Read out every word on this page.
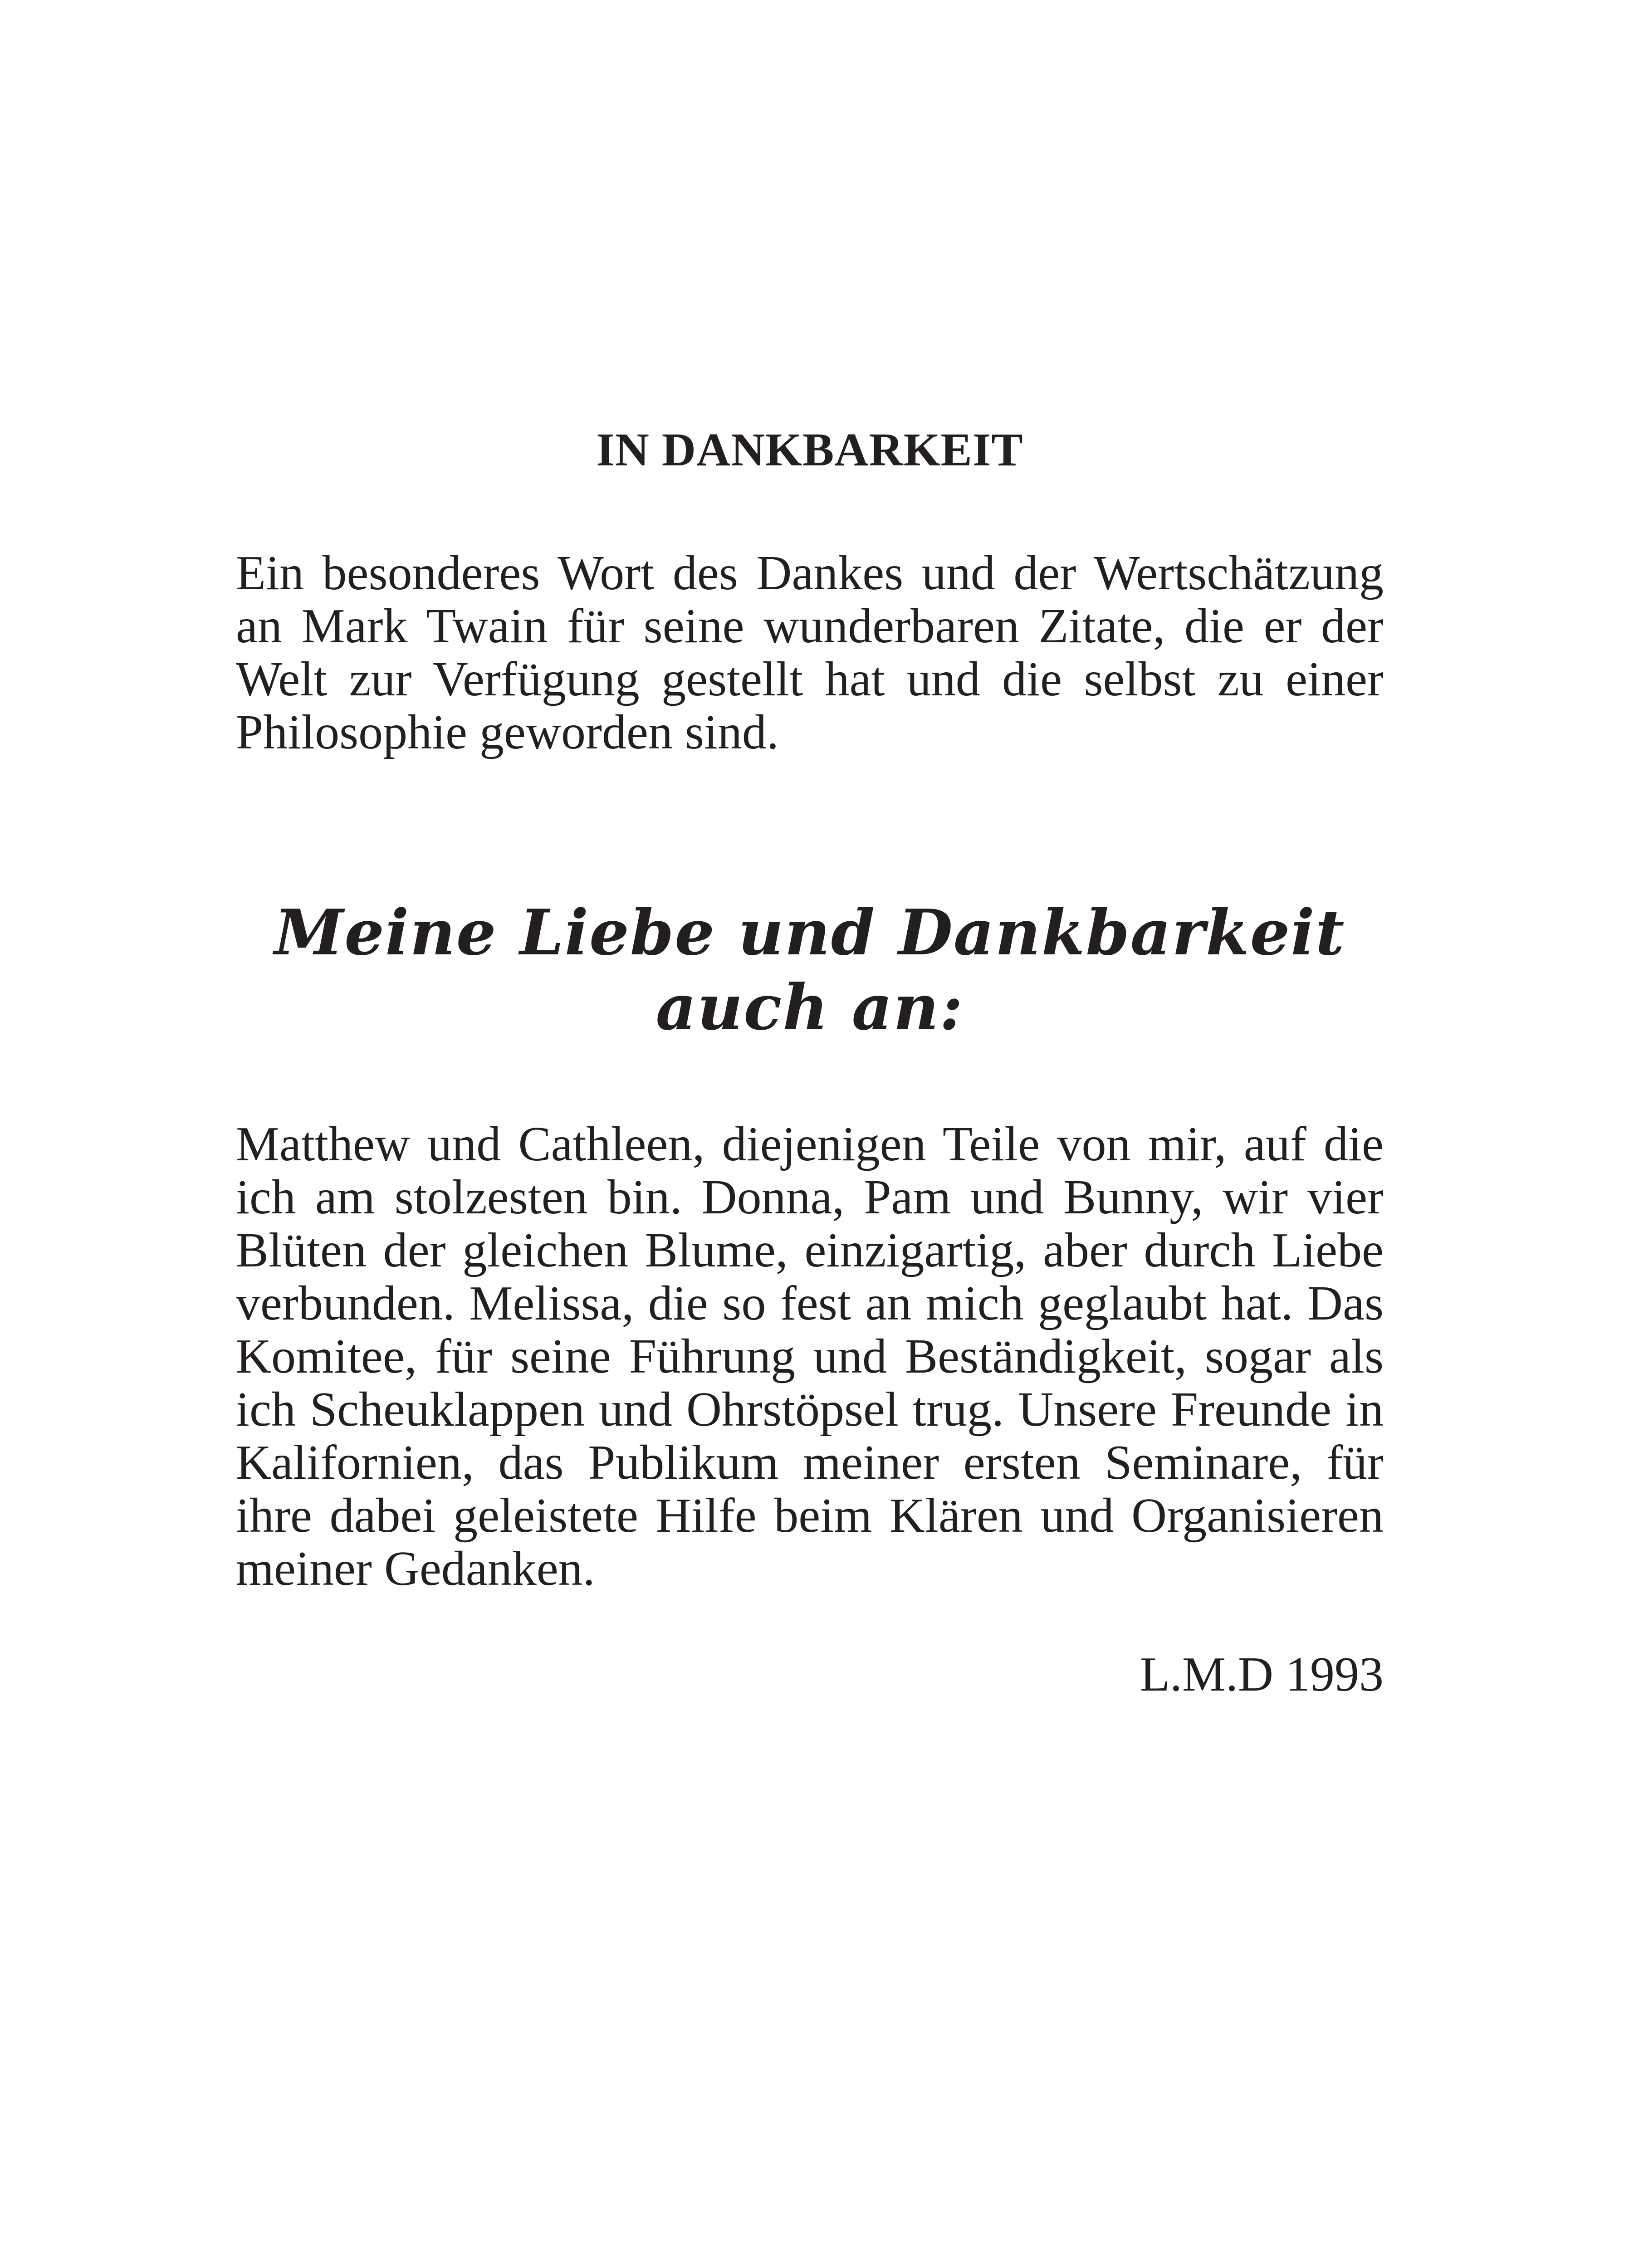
IN DANKBARKEIT

Ein besonderes Wort des Dankes und der Wertschätzung an Mark Twain für seine wunderbaren Zitate, die er der Welt zur Verfügung gestellt hat und die selbst zu einer Philosophie geworden sind.

Meine Liebe und Dankbarkeit auch an:

Matthew und Cathleen, diejenigen Teile von mir, auf die ich am stolzesten bin. Donna, Pam und Bunny, wir vier Blüten der gleichen Blume, einzigartig, aber durch Liebe verbunden. Melissa, die so fest an mich geglaubt hat. Das Komitee, für seine Führung und Beständigkeit, sogar als ich Scheuklappen und Ohrstöpsel trug. Unsere Freunde in Kalifornien, das Publikum meiner ersten Seminare, für ihre dabei geleistete Hilfe beim Klären und Organisieren meiner Gedanken.

L.M.D 1993
